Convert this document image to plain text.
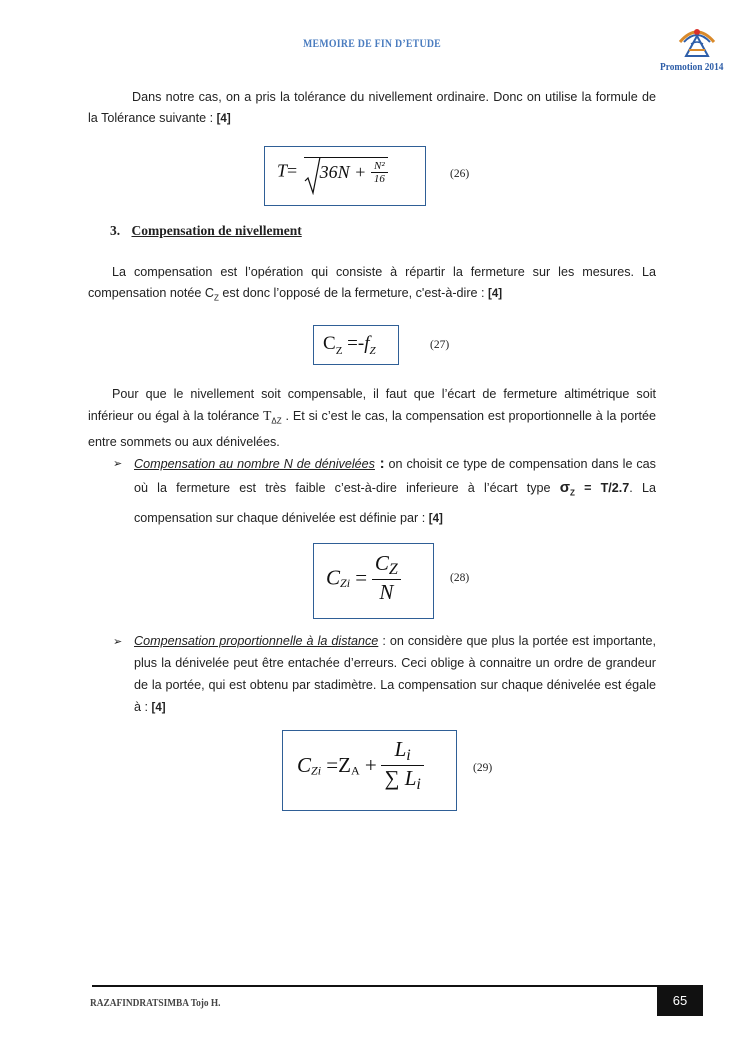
MEMOIRE DE FIN D’ETUDE
Promotion 2014
Dans notre cas, on a pris la tolérance du nivellement ordinaire. Donc on utilise la formule de la Tolérance suivante : [4]
$T= 36N + \frac{\text{N²}}{16}$	(26)
3. Compensation de nivellement
La compensation est l’opération qui consiste à répartir la fermeture sur les mesures. La compensation notée $C_Z$ est donc l’opposé de la fermeture, c'est-à-dire : [4]
$C_Z =-f_Z$	(27)
Pour que le nivellement soit compensable, il faut que l’écart de fermeture altimétrique soit inférieur ou égal à la tolérance $T_{\Delta Z}$ . Et si c’est le cas, la compensation est proportionnelle à la portée entre sommets ou aux dénivelées.
➢ Compensation au nombre N de dénivelées : on choisit ce type de compensation dans le cas où la fermeture est très faible c’est-à-dire inferieure à l’écart type $\sigma_Z = T/2.7$. La compensation sur chaque dénivelée est définie par : [4]
$C_{Zi} = \frac{C_Z}{N}$	(28)
➢ Compensation proportionnelle à la distance : on considère que plus la portée est importante, plus la dénivelée peut être entachée d’erreurs. Ceci oblige à connaitre un ordre de grandeur de la portée, qui est obtenu par stadimètre. La compensation sur chaque dénivelée est égale à : [4]
$C_{Zi} =Z_A + \frac{L_i}{\sum L_i}$	(29)
RAZAFINDRATSIMBA Tojo H.	65
